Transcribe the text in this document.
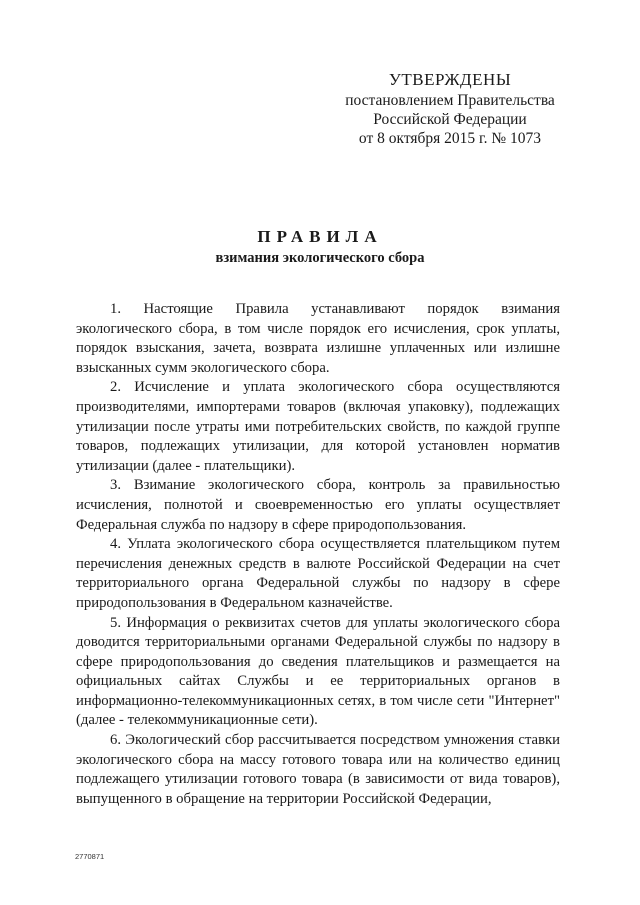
УТВЕРЖДЕНЫ
постановлением Правительства
Российской Федерации
от 8 октября 2015 г. № 1073
ПРАВИЛА
взимания экологического сбора

1. Настоящие Правила устанавливают порядок взимания экологического сбора, в том числе порядок его исчисления, срок уплаты, порядок взыскания, зачета, возврата излишне уплаченных или излишне взысканных сумм экологического сбора.

2. Исчисление и уплата экологического сбора осуществляются производителями, импортерами товаров (включая упаковку), подлежащих утилизации после утраты ими потребительских свойств, по каждой группе товаров, подлежащих утилизации, для которой установлен норматив утилизации (далее - плательщики).

3. Взимание экологического сбора, контроль за правильностью исчисления, полнотой и своевременностью его уплаты осуществляет Федеральная служба по надзору в сфере природопользования.

4. Уплата экологического сбора осуществляется плательщиком путем перечисления денежных средств в валюте Российской Федерации на счет территориального органа Федеральной службы по надзору в сфере природопользования в Федеральном казначействе.

5. Информация о реквизитах счетов для уплаты экологического сбора доводится территориальными органами Федеральной службы по надзору в сфере природопользования до сведения плательщиков и размещается на официальных сайтах Службы и ее территориальных органов в информационно-телекоммуникационных сетях, в том числе сети "Интернет" (далее - телекоммуникационные сети).

6. Экологический сбор рассчитывается посредством умножения ставки экологического сбора на массу готового товара или на количество единиц подлежащего утилизации готового товара (в зависимости от вида товаров), выпущенного в обращение на территории Российской Федерации,

2770871
